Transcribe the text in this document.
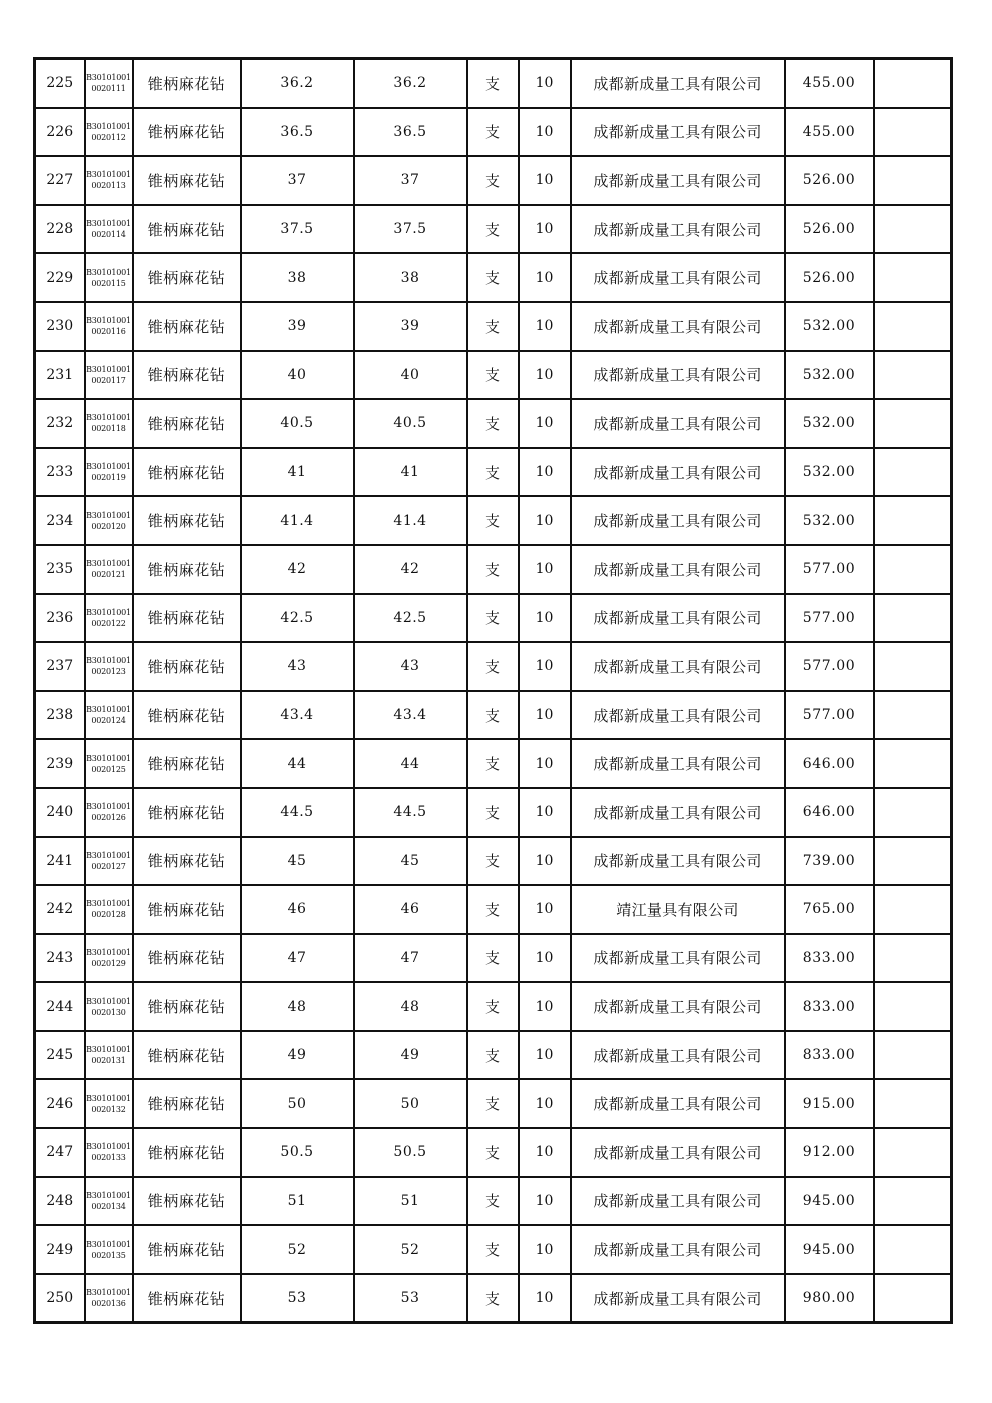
225	B301010010020111	锥柄麻花钻	36.2	36.2	支	10	成都新成量工具有限公司	455.00	
226	B301010010020112	锥柄麻花钻	36.5	36.5	支	10	成都新成量工具有限公司	455.00	
227	B301010010020113	锥柄麻花钻	37	37	支	10	成都新成量工具有限公司	526.00	
228	B301010010020114	锥柄麻花钻	37.5	37.5	支	10	成都新成量工具有限公司	526.00	
229	B301010010020115	锥柄麻花钻	38	38	支	10	成都新成量工具有限公司	526.00	
230	B301010010020116	锥柄麻花钻	39	39	支	10	成都新成量工具有限公司	532.00	
231	B301010010020117	锥柄麻花钻	40	40	支	10	成都新成量工具有限公司	532.00	
232	B301010010020118	锥柄麻花钻	40.5	40.5	支	10	成都新成量工具有限公司	532.00	
233	B301010010020119	锥柄麻花钻	41	41	支	10	成都新成量工具有限公司	532.00	
234	B301010010020120	锥柄麻花钻	41.4	41.4	支	10	成都新成量工具有限公司	532.00	
235	B301010010020121	锥柄麻花钻	42	42	支	10	成都新成量工具有限公司	577.00	
236	B301010010020122	锥柄麻花钻	42.5	42.5	支	10	成都新成量工具有限公司	577.00	
237	B301010010020123	锥柄麻花钻	43	43	支	10	成都新成量工具有限公司	577.00	
238	B301010010020124	锥柄麻花钻	43.4	43.4	支	10	成都新成量工具有限公司	577.00	
239	B301010010020125	锥柄麻花钻	44	44	支	10	成都新成量工具有限公司	646.00	
240	B301010010020126	锥柄麻花钻	44.5	44.5	支	10	成都新成量工具有限公司	646.00	
241	B301010010020127	锥柄麻花钻	45	45	支	10	成都新成量工具有限公司	739.00	
242	B301010010020128	锥柄麻花钻	46	46	支	10	靖江量具有限公司	765.00	
243	B301010010020129	锥柄麻花钻	47	47	支	10	成都新成量工具有限公司	833.00	
244	B301010010020130	锥柄麻花钻	48	48	支	10	成都新成量工具有限公司	833.00	
245	B301010010020131	锥柄麻花钻	49	49	支	10	成都新成量工具有限公司	833.00	
246	B301010010020132	锥柄麻花钻	50	50	支	10	成都新成量工具有限公司	915.00	
247	B301010010020133	锥柄麻花钻	50.5	50.5	支	10	成都新成量工具有限公司	912.00	
248	B301010010020134	锥柄麻花钻	51	51	支	10	成都新成量工具有限公司	945.00	
249	B301010010020135	锥柄麻花钻	52	52	支	10	成都新成量工具有限公司	945.00	
250	B301010010020136	锥柄麻花钻	53	53	支	10	成都新成量工具有限公司	980.00	
